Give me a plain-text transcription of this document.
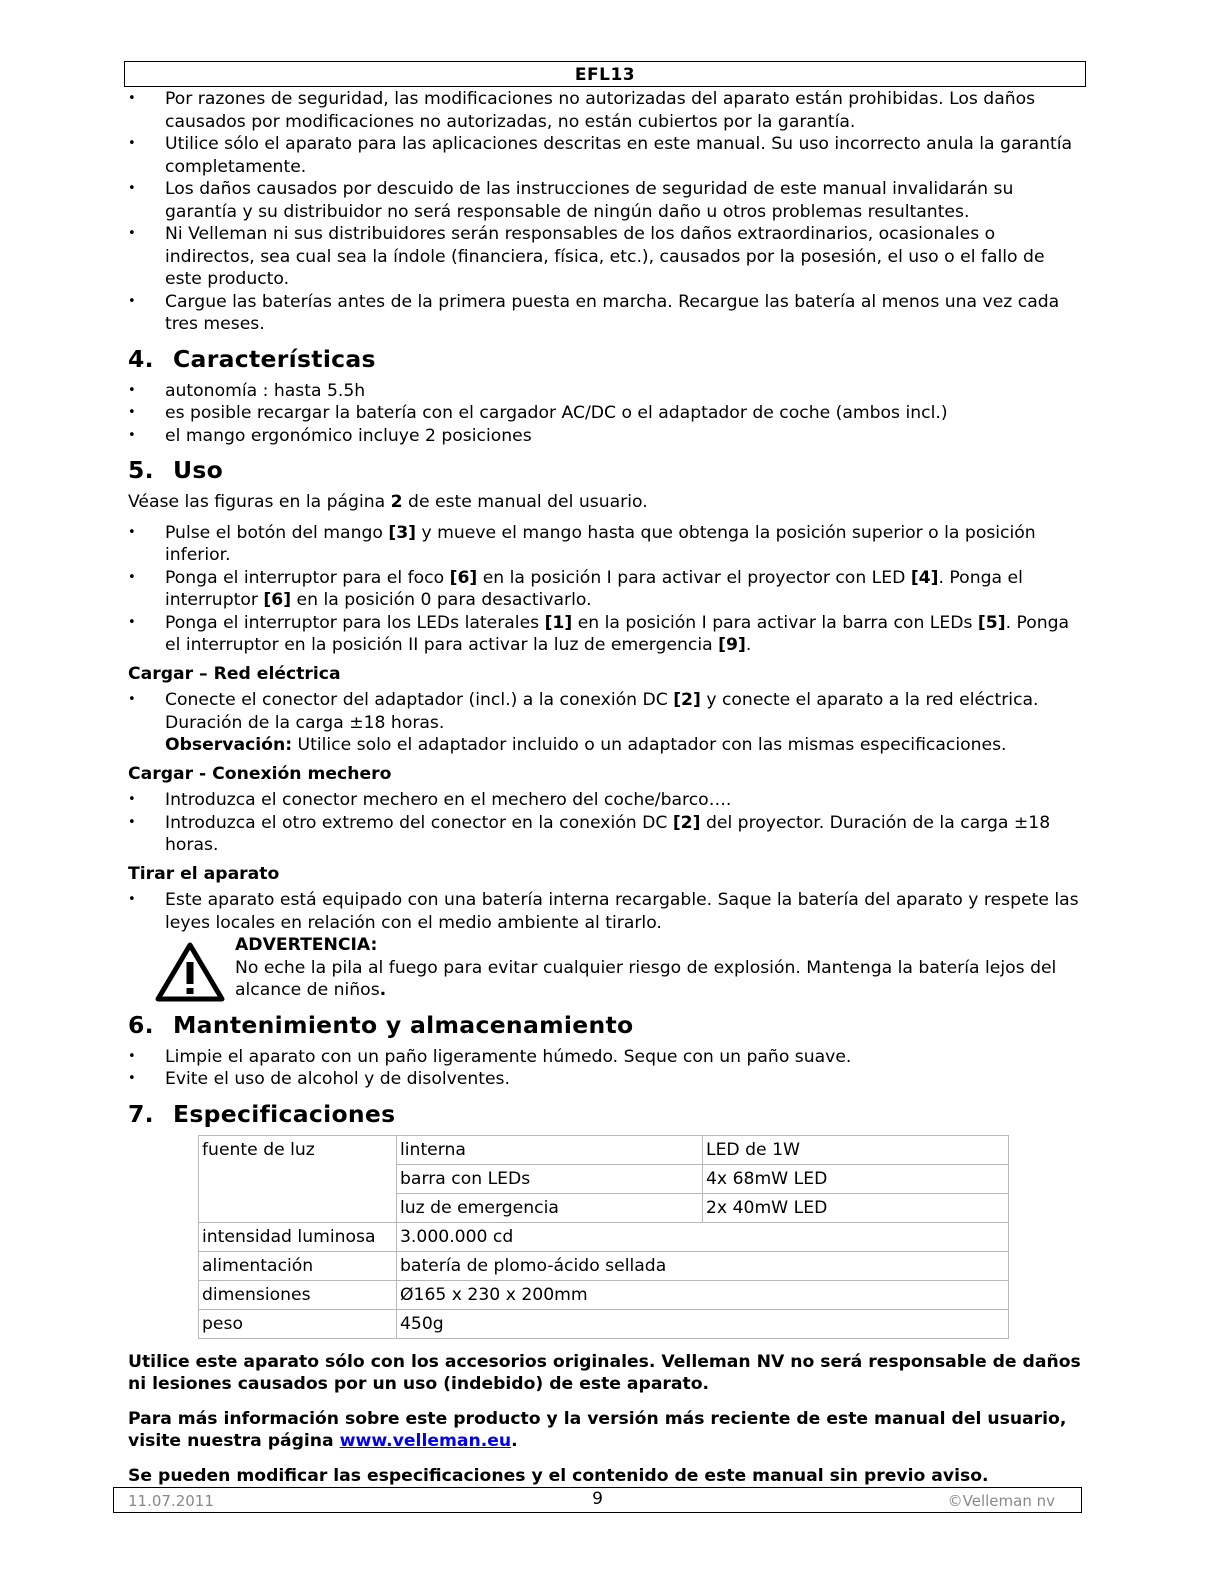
EFL13
• Por razones de seguridad, las modificaciones no autorizadas del aparato están prohibidas. Los daños causados por modificaciones no autorizadas, no están cubiertos por la garantía.
• Utilice sólo el aparato para las aplicaciones descritas en este manual. Su uso incorrecto anula la garantía completamente.
• Los daños causados por descuido de las instrucciones de seguridad de este manual invalidarán su garantía y su distribuidor no será responsable de ningún daño u otros problemas resultantes.
• Ni Velleman ni sus distribuidores serán responsables de los daños extraordinarios, ocasionales o indirectos, sea cual sea la índole (financiera, física, etc.), causados por la posesión, el uso o el fallo de este producto.
• Cargue las baterías antes de la primera puesta en marcha. Recargue las batería al menos una vez cada tres meses.
4. Características
• autonomía : hasta 5.5h
• es posible recargar la batería con el cargador AC/DC o el adaptador de coche (ambos incl.)
• el mango ergonómico incluye 2 posiciones
5. Uso

Véase las figuras en la página 2 de este manual del usuario.

• Pulse el botón del mango [3] y mueve el mango hasta que obtenga la posición superior o la posición inferior.
• Ponga el interruptor para el foco [6] en la posición I para activar el proyector con LED [4]. Ponga el interruptor [6] en la posición 0 para desactivarlo.
• Ponga el interruptor para los LEDs laterales [1] en la posición I para activar la barra con LEDs [5]. Ponga el interruptor en la posición II para activar la luz de emergencia [9].
Cargar – Red eléctrica
• Conecte el conector del adaptador (incl.) a la conexión DC [2] y conecte el aparato a la red eléctrica. Duración de la carga ±18 horas.
Observación: Utilice solo el adaptador incluido o un adaptador con las mismas especificaciones.
Cargar - Conexión mechero
• Introduzca el conector mechero en el mechero del coche/barco….
• Introduzca el otro extremo del conector en la conexión DC [2] del proyector. Duración de la carga ±18 horas.
Tirar el aparato
• Este aparato está equipado con una batería interna recargable. Saque la batería del aparato y respete las leyes locales en relación con el medio ambiente al tirarlo.
ADVERTENCIA:
No eche la pila al fuego para evitar cualquier riesgo de explosión. Mantenga la batería lejos del alcance de niños.
6. Mantenimiento y almacenamiento
• Limpie el aparato con un paño ligeramente húmedo. Seque con un paño suave.
• Evite el uso de alcohol y de disolventes.
7. Especificaciones
fuente de luz	linterna	LED de 1W
	barra con LEDs	4x 68mW LED
	luz de emergencia	2x 40mW LED
intensidad luminosa	3.000.000 cd	
alimentación	batería de plomo-ácido sellada	
dimensiones	Ø165 x 230 x 200mm	
peso	450g	
Utilice este aparato sólo con los accesorios originales. Velleman NV no será responsable de daños ni lesiones causados por un uso (indebido) de este aparato.
Para más información sobre este producto y la versión más reciente de este manual del usuario, visite nuestra página www.velleman.eu.
Se pueden modificar las especificaciones y el contenido de este manual sin previo aviso.
11.07.2011	9	©Velleman nv
